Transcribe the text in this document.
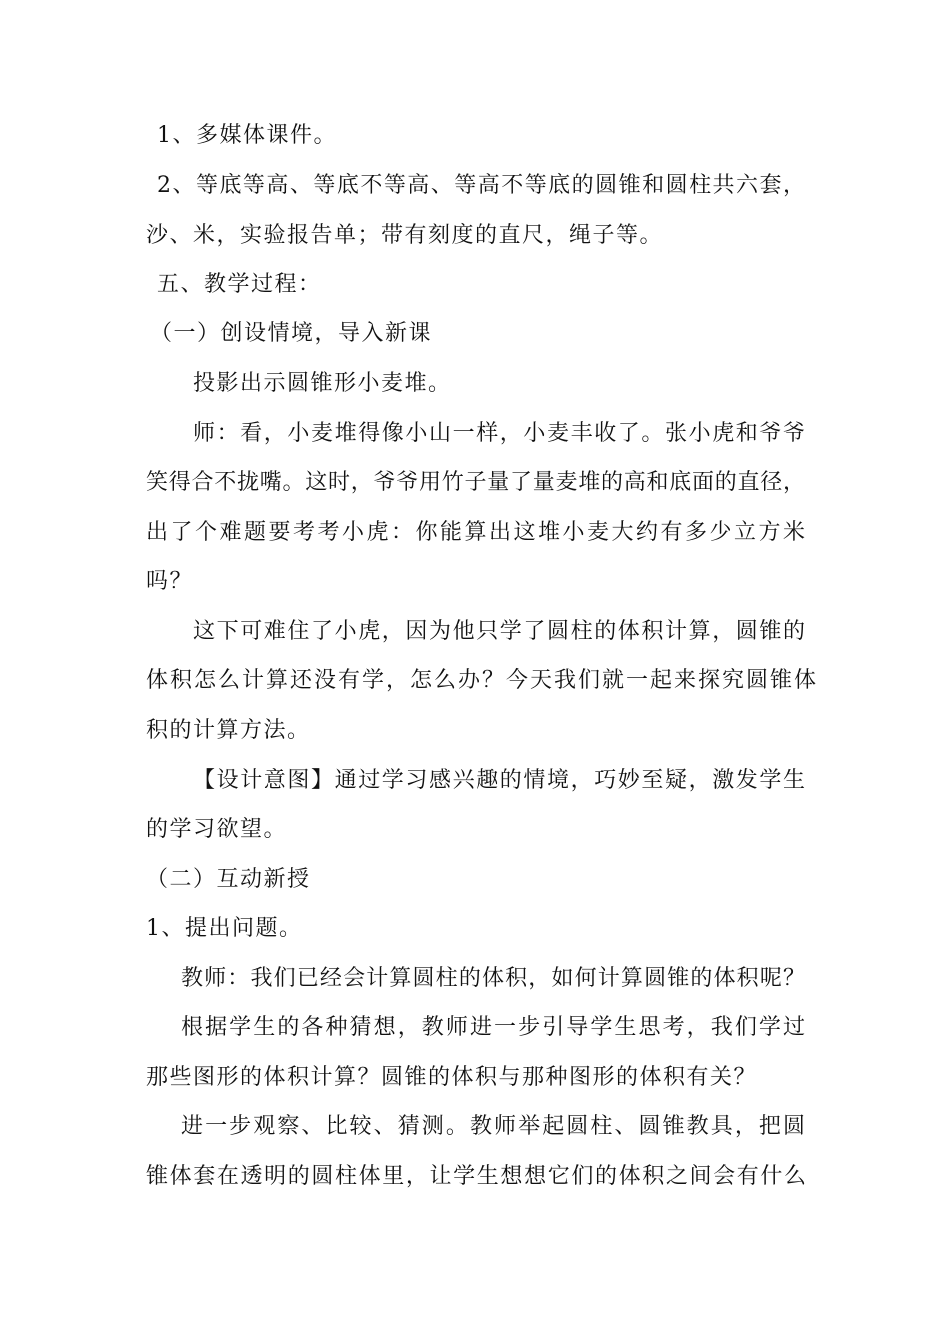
1、多媒体课件。
2、等底等高、等底不等高、等高不等底的圆锥和圆柱共六套，
沙、米，实验报告单；带有刻度的直尺，绳子等。
五、教学过程：
（一）创设情境，导入新课
投影出示圆锥形小麦堆。
师：看，小麦堆得像小山一样，小麦丰收了。张小虎和爷爷
笑得合不拢嘴。这时，爷爷用竹子量了量麦堆的高和底面的直径，
出了个难题要考考小虎：你能算出这堆小麦大约有多少立方米
吗？
这下可难住了小虎，因为他只学了圆柱的体积计算，圆锥的
体积怎么计算还没有学，怎么办？今天我们就一起来探究圆锥体
积的计算方法。
【设计意图】通过学习感兴趣的情境，巧妙至疑，激发学生
的学习欲望。
（二）互动新授
1、提出问题。
教师：我们已经会计算圆柱的体积，如何计算圆锥的体积呢？
根据学生的各种猜想，教师进一步引导学生思考，我们学过
那些图形的体积计算？圆锥的体积与那种图形的体积有关？
进一步观察、比较、猜测。教师举起圆柱、圆锥教具，把圆
锥体套在透明的圆柱体里，让学生想想它们的体积之间会有什么
